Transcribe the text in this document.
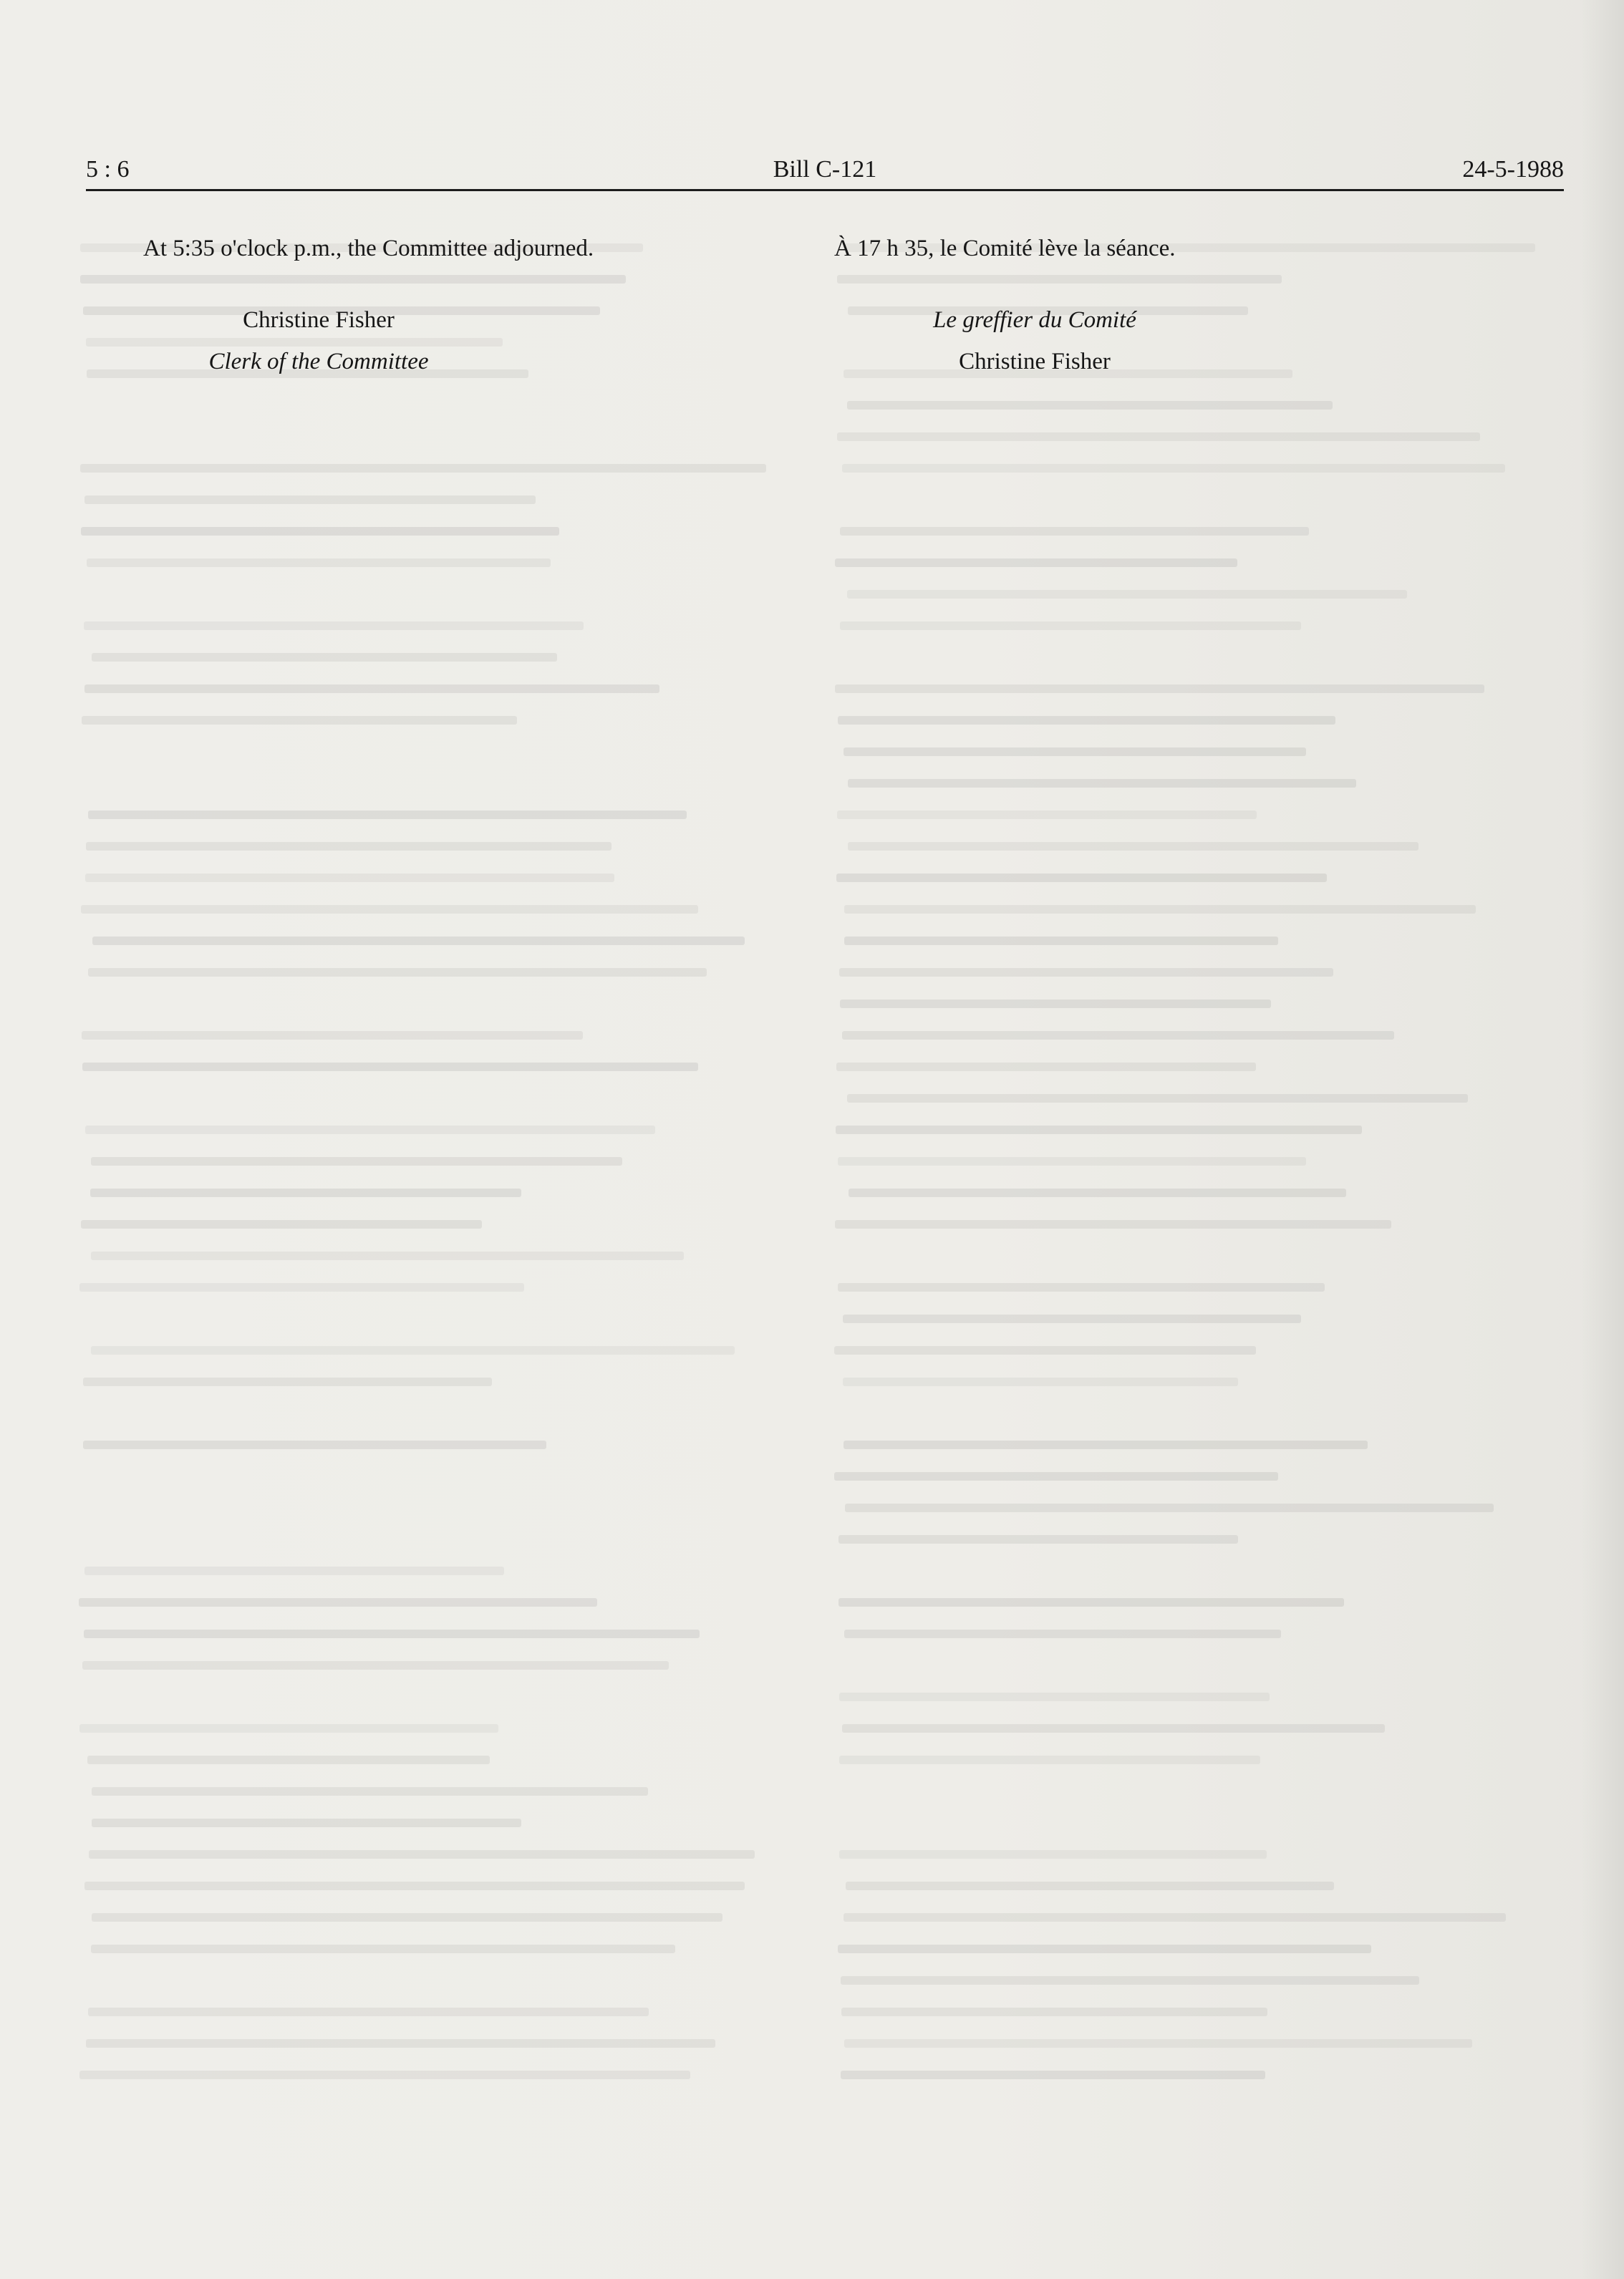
5 : 6	Bill C-121	24-5-1988

At 5:35 o'clock p.m., the Committee adjourned.

Christine Fisher

Clerk of the Committee

À 17 h 35, le Comité lève la séance.

Le greffier du Comité

Christine Fisher
